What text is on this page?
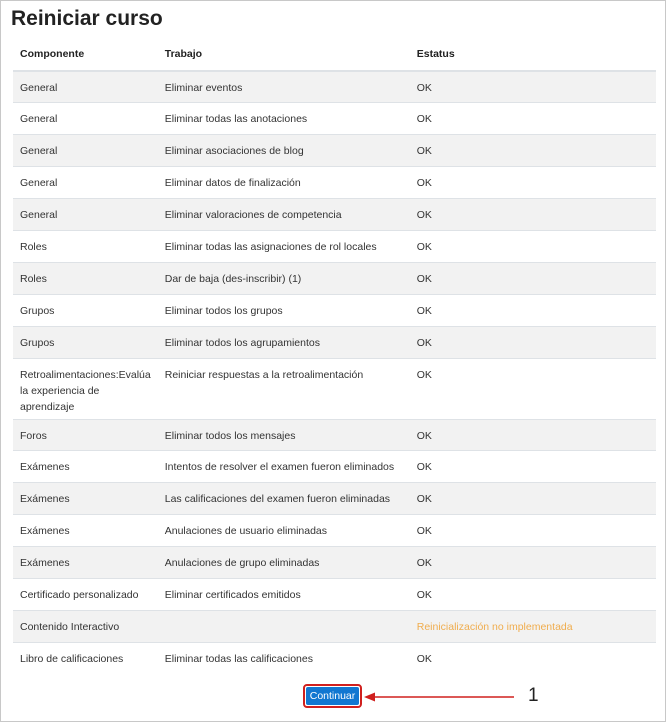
Reiniciar curso
Componente	Trabajo	Estatus
General	Eliminar eventos	OK
General	Eliminar todas las anotaciones	OK
General	Eliminar asociaciones de blog	OK
General	Eliminar datos de finalización	OK
General	Eliminar valoraciones de competencia	OK
Roles	Eliminar todas las asignaciones de rol locales	OK
Roles	Dar de baja (des-inscribir) (1)	OK
Grupos	Eliminar todos los grupos	OK
Grupos	Eliminar todos los agrupamientos	OK
Retroalimentaciones:Evalúa la experiencia de aprendizaje	Reiniciar respuestas a la retroalimentación	OK
Foros	Eliminar todos los mensajes	OK
Exámenes	Intentos de resolver el examen fueron eliminados	OK
Exámenes	Las calificaciones del examen fueron eliminadas	OK
Exámenes	Anulaciones de usuario eliminadas	OK
Exámenes	Anulaciones de grupo eliminadas	OK
Certificado personalizado	Eliminar certificados emitidos	OK
Contenido Interactivo		Reinicialización no implementada
Libro de calificaciones	Eliminar todas las calificaciones	OK
Continuar	1
